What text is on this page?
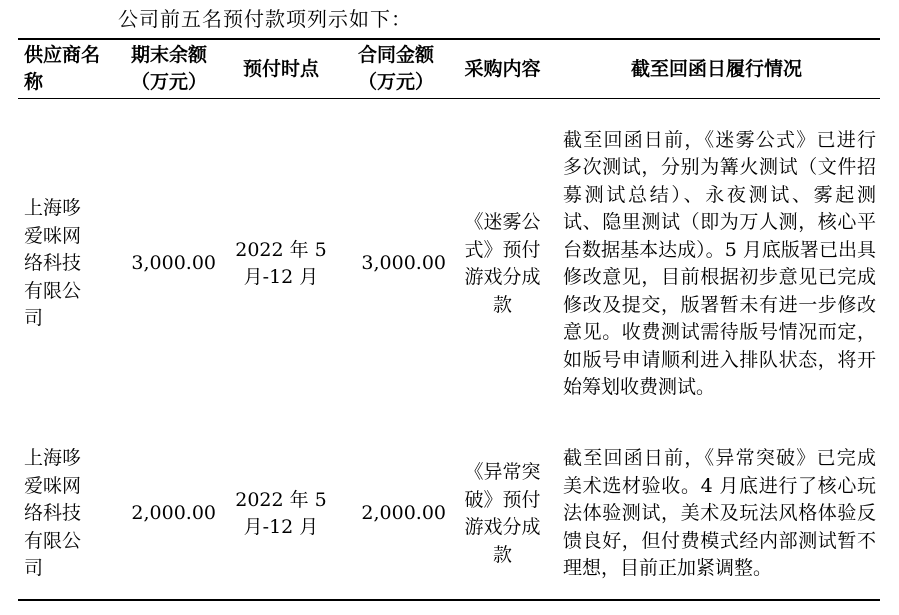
公司前五名预付款项列示如下：
供应商名称	期末余额（万元）	预付时点	合同金额（万元）	采购内容	截至回函日履行情况
上海哆爱咪网络科技有限公司	3,000.00	2022 年 5 月-12 月	3,000.00	《迷雾公式》预付游戏分成款	截至回函日前，《迷雾公式》已进行多次测试，分别为篝火测试（文件招募测试总结）、永夜测试、雾起测试、隐里测试（即为万人测，核心平台数据基本达成）。5 月底版署已出具修改意见，目前根据初步意见已完成修改及提交，版署暂未有进一步修改意见。收费测试需待版号情况而定，如版号申请顺利进入排队状态，将开始筹划收费测试。
上海哆爱咪网络科技有限公司	2,000.00	2022 年 5 月-12 月	2,000.00	《异常突破》预付游戏分成款	截至回函日前，《异常突破》已完成美术选材验收。4 月底进行了核心玩法体验测试，美术及玩法风格体验反馈良好，但付费模式经内部测试暂不理想，目前正加紧调整。
